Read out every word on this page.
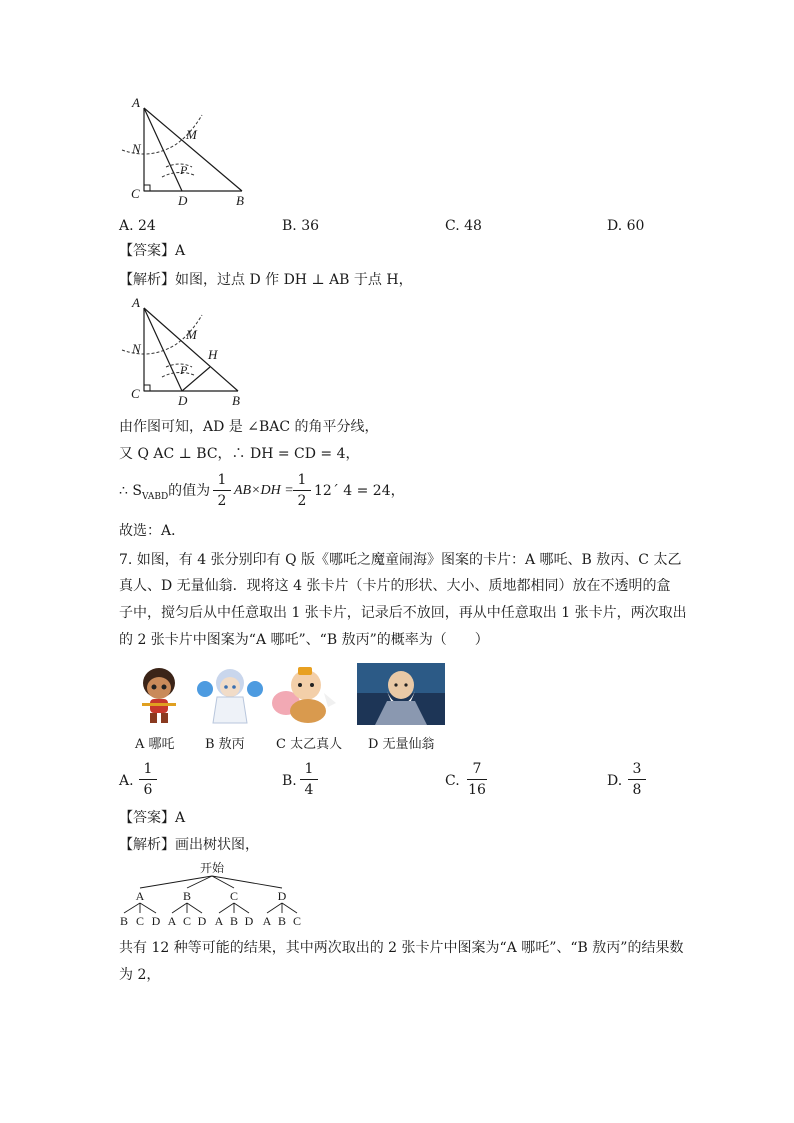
A
M
N
P
C	D	B
A. 24	B. 36	C. 48	D. 60
【答案】A
【解析】如图，过点 D 作 DH ⊥ AB 于点 H，
A
M
N
P
H
C	D	B
由作图可知，AD 是 ∠BAC 的角平分线，
又 Q AC ⊥ BC，∴ DH = CD = 4，
∴ $S_{VABD}$的值为
1
2
AB×DH =
1
2
12´ 4 = 24，
故选：A．
7. 如图，有 4 张分别印有 Q 版《哪吒之魔童闹海》图案的卡片：A 哪吒、B 敖丙、C 太乙
真人、D 无量仙翁．现将这 4 张卡片（卡片的形状、大小、质地都相同）放在不透明的盒
子中，搅匀后从中任意取出 1 张卡片，记录后不放回，再从中任意取出 1 张卡片，两次取出
的 2 张卡片中图案为“A 哪吒”、“B 敖丙”的概率为（　　）
A 哪吒 B 敖丙 C 太乙真人 D 无量仙翁
A.
1
6
B.
1
4
C.
7
16
D.
3
8
【答案】A
【解析】画出树状图，
开始
A	B	C	D
B C D A C D A B D A B C
共有 12 种等可能的结果，其中两次取出的 2 张卡片中图案为“A 哪吒”、“B 敖丙”的结果数
为 2，
